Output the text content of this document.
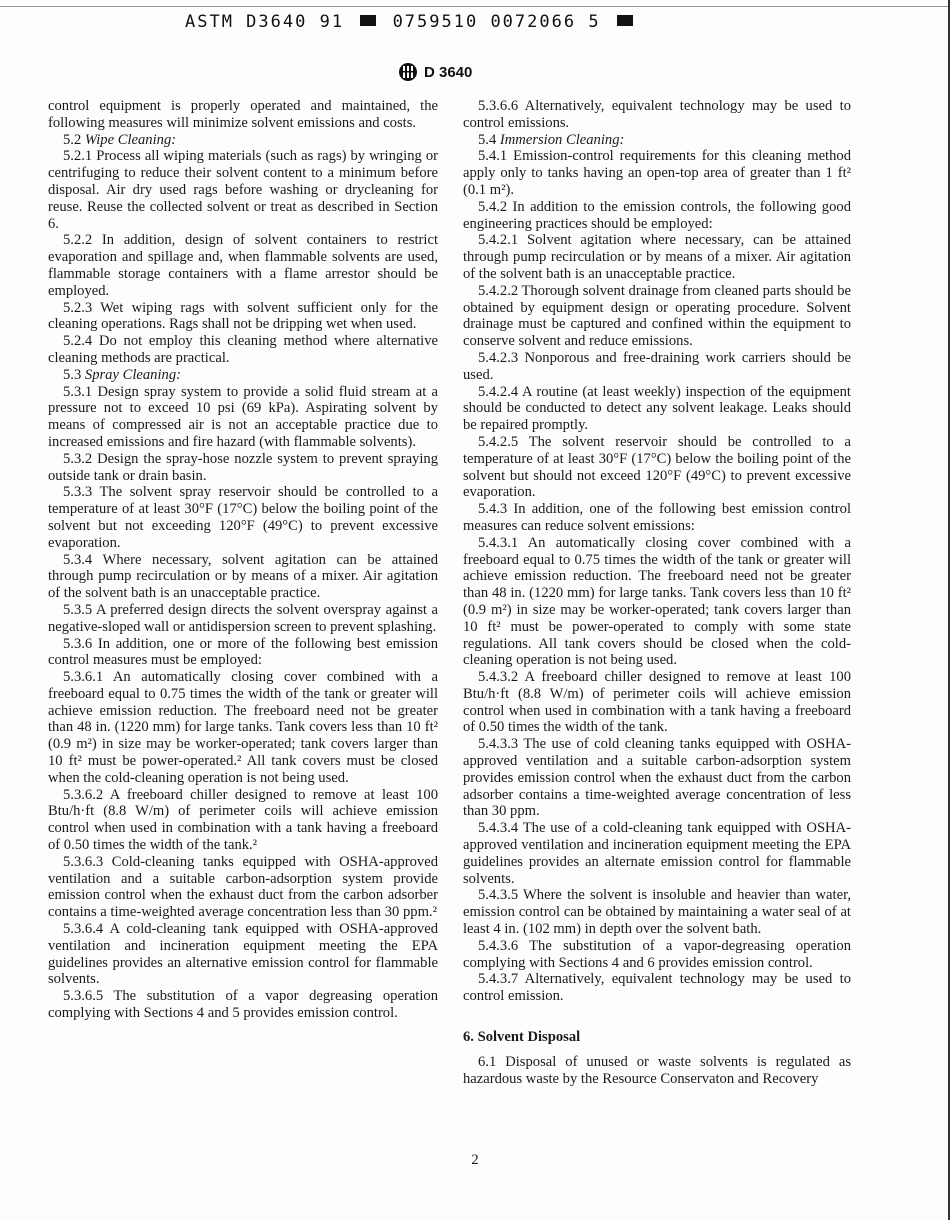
ASTM D3640 91	0759510 0072066 5
D 3640

control equipment is properly operated and maintained, the following measures will minimize solvent emissions and costs.

5.2 Wipe Cleaning:

5.2.1 Process all wiping materials (such as rags) by wringing or centrifuging to reduce their solvent content to a minimum before disposal. Air dry used rags before washing or drycleaning for reuse. Reuse the collected solvent or treat as described in Section 6.

5.2.2 In addition, design of solvent containers to restrict evaporation and spillage and, when flammable solvents are used, flammable storage containers with a flame arrestor should be employed.

5.2.3 Wet wiping rags with solvent sufficient only for the cleaning operations. Rags shall not be dripping wet when used.

5.2.4 Do not employ this cleaning method where alternative cleaning methods are practical.

5.3 Spray Cleaning:

5.3.1 Design spray system to provide a solid fluid stream at a pressure not to exceed 10 psi (69 kPa). Aspirating solvent by means of compressed air is not an acceptable practice due to increased emissions and fire hazard (with flammable solvents).

5.3.2 Design the spray-hose nozzle system to prevent spraying outside tank or drain basin.

5.3.3 The solvent spray reservoir should be controlled to a temperature of at least 30°F (17°C) below the boiling point of the solvent but not exceeding 120°F (49°C) to prevent excessive evaporation.

5.3.4 Where necessary, solvent agitation can be attained through pump recirculation or by means of a mixer. Air agitation of the solvent bath is an unacceptable practice.

5.3.5 A preferred design directs the solvent overspray against a negative-sloped wall or antidispersion screen to prevent splashing.

5.3.6 In addition, one or more of the following best emission control measures must be employed:

5.3.6.1 An automatically closing cover combined with a freeboard equal to 0.75 times the width of the tank or greater will achieve emission reduction. The freeboard need not be greater than 48 in. (1220 mm) for large tanks. Tank covers less than 10 ft² (0.9 m²) in size may be worker-operated; tank covers larger than 10 ft² must be power-operated.² All tank covers must be closed when the cold-cleaning operation is not being used.

5.3.6.2 A freeboard chiller designed to remove at least 100 Btu/h·ft (8.8 W/m) of perimeter coils will achieve emission control when used in combination with a tank having a freeboard of 0.50 times the width of the tank.²

5.3.6.3 Cold-cleaning tanks equipped with OSHA-approved ventilation and a suitable carbon-adsorption system provide emission control when the exhaust duct from the carbon adsorber contains a time-weighted average concentration less than 30 ppm.²

5.3.6.4 A cold-cleaning tank equipped with OSHA-approved ventilation and incineration equipment meeting the EPA guidelines provides an alternative emission control for flammable solvents.

5.3.6.5 The substitution of a vapor degreasing operation complying with Sections 4 and 5 provides emission control.

5.3.6.6 Alternatively, equivalent technology may be used to control emissions.

5.4 Immersion Cleaning:

5.4.1 Emission-control requirements for this cleaning method apply only to tanks having an open-top area of greater than 1 ft² (0.1 m²).

5.4.2 In addition to the emission controls, the following good engineering practices should be employed:

5.4.2.1 Solvent agitation where necessary, can be attained through pump recirculation or by means of a mixer. Air agitation of the solvent bath is an unacceptable practice.

5.4.2.2 Thorough solvent drainage from cleaned parts should be obtained by equipment design or operating procedure. Solvent drainage must be captured and confined within the equipment to conserve solvent and reduce emissions.

5.4.2.3 Nonporous and free-draining work carriers should be used.

5.4.2.4 A routine (at least weekly) inspection of the equipment should be conducted to detect any solvent leakage. Leaks should be repaired promptly.

5.4.2.5 The solvent reservoir should be controlled to a temperature of at least 30°F (17°C) below the boiling point of the solvent but should not exceed 120°F (49°C) to prevent excessive evaporation.

5.4.3 In addition, one of the following best emission control measures can reduce solvent emissions:

5.4.3.1 An automatically closing cover combined with a freeboard equal to 0.75 times the width of the tank or greater will achieve emission reduction. The freeboard need not be greater than 48 in. (1220 mm) for large tanks. Tank covers less than 10 ft² (0.9 m²) in size may be worker-operated; tank covers larger than 10 ft² must be power-operated to comply with some state regulations. All tank covers should be closed when the cold-cleaning operation is not being used.

5.4.3.2 A freeboard chiller designed to remove at least 100 Btu/h·ft (8.8 W/m) of perimeter coils will achieve emission control when used in combination with a tank having a freeboard of 0.50 times the width of the tank.

5.4.3.3 The use of cold cleaning tanks equipped with OSHA-approved ventilation and a suitable carbon-adsorption system provides emission control when the exhaust duct from the carbon adsorber contains a time-weighted average concentration of less than 30 ppm.

5.4.3.4 The use of a cold-cleaning tank equipped with OSHA-approved ventilation and incineration equipment meeting the EPA guidelines provides an alternate emission control for flammable solvents.

5.4.3.5 Where the solvent is insoluble and heavier than water, emission control can be obtained by maintaining a water seal of at least 4 in. (102 mm) in depth over the solvent bath.

5.4.3.6 The substitution of a vapor-degreasing operation complying with Sections 4 and 6 provides emission control.

5.4.3.7 Alternatively, equivalent technology may be used to control emission.

6. Solvent Disposal

6.1 Disposal of unused or waste solvents is regulated as hazardous waste by the Resource Conservaton and Recovery

2
